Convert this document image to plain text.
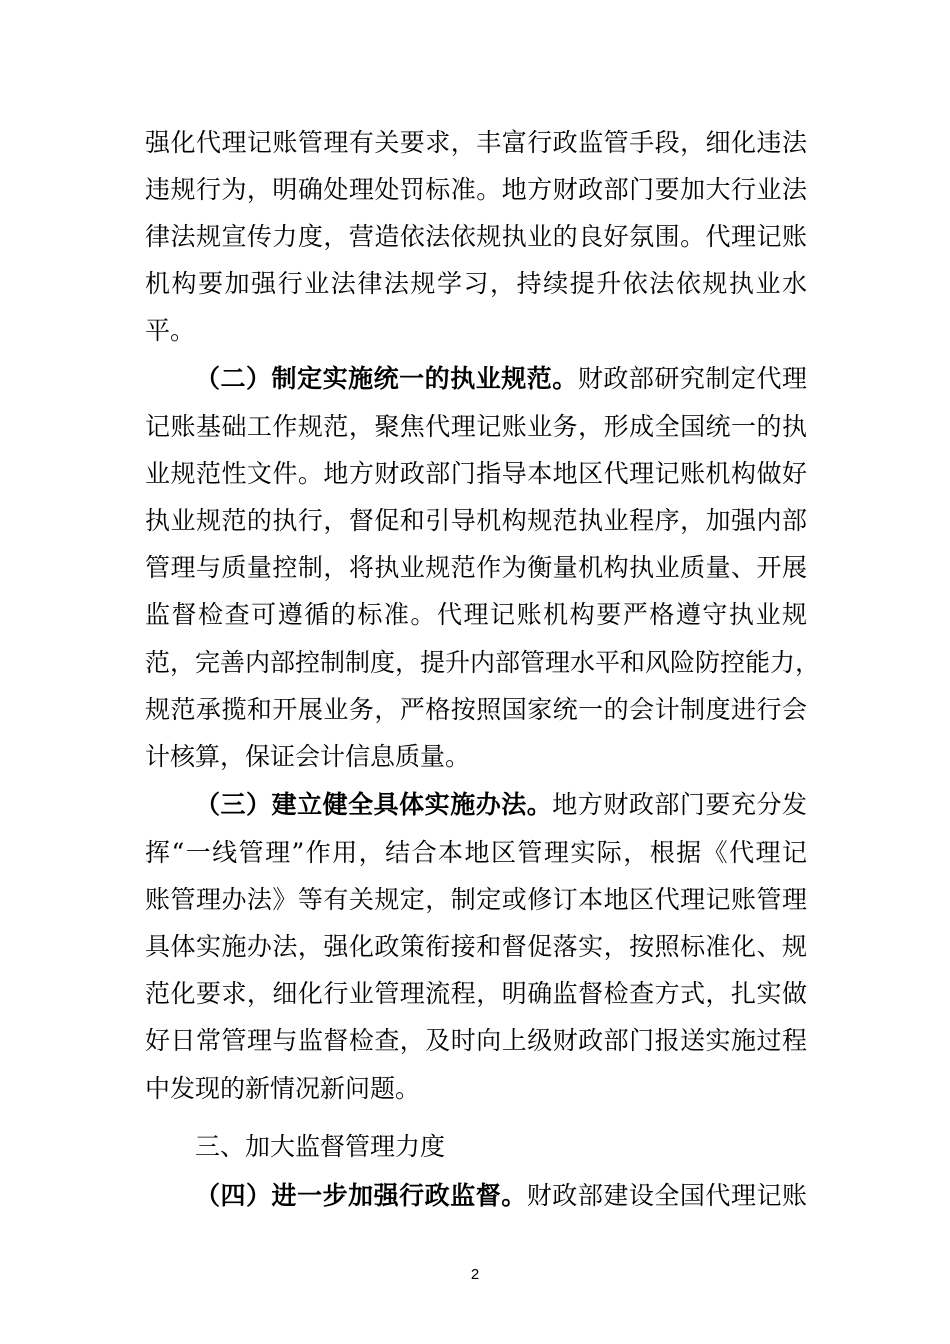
强化代理记账管理有关要求，丰富行政监管手段，细化违法
违规行为，明确处理处罚标准。地方财政部门要加大行业法
律法规宣传力度，营造依法依规执业的良好氛围。代理记账
机构要加强行业法律法规学习，持续提升依法依规执业水
平。
（二）制定实施统一的执业规范。财政部研究制定代理
记账基础工作规范，聚焦代理记账业务，形成全国统一的执
业规范性文件。地方财政部门指导本地区代理记账机构做好
执业规范的执行，督促和引导机构规范执业程序，加强内部
管理与质量控制，将执业规范作为衡量机构执业质量、开展
监督检查可遵循的标准。代理记账机构要严格遵守执业规
范，完善内部控制制度，提升内部管理水平和风险防控能力，
规范承揽和开展业务，严格按照国家统一的会计制度进行会
计核算，保证会计信息质量。
（三）建立健全具体实施办法。地方财政部门要充分发
挥“一线管理”作用，结合本地区管理实际，根据《代理记
账管理办法》等有关规定，制定或修订本地区代理记账管理
具体实施办法，强化政策衔接和督促落实，按照标准化、规
范化要求，细化行业管理流程，明确监督检查方式，扎实做
好日常管理与监督检查，及时向上级财政部门报送实施过程
中发现的新情况新问题。
三、加大监督管理力度
（四）进一步加强行政监督。财政部建设全国代理记账
2
